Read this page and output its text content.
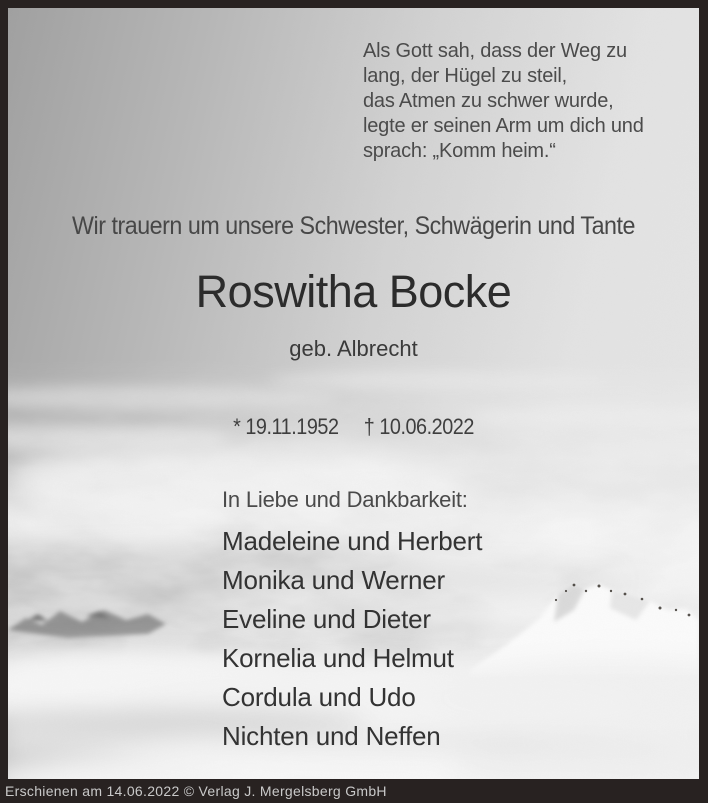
Als Gott sah, dass der Weg zu
lang, der Hügel zu steil,
das Atmen zu schwer wurde,
legte er seinen Arm um dich und
sprach: „Komm heim.“
Wir trauern um unsere Schwester, Schwägerin und Tante
Roswitha Bocke
geb. Albrecht
* 19.11.1952 † 10.06.2022
In Liebe und Dankbarkeit:
Madeleine und Herbert
Monika und Werner
Eveline und Dieter
Kornelia und Helmut
Cordula und Udo
Nichten und Neffen
Erschienen am 14.06.2022 © Verlag J. Mergelsberg GmbH
